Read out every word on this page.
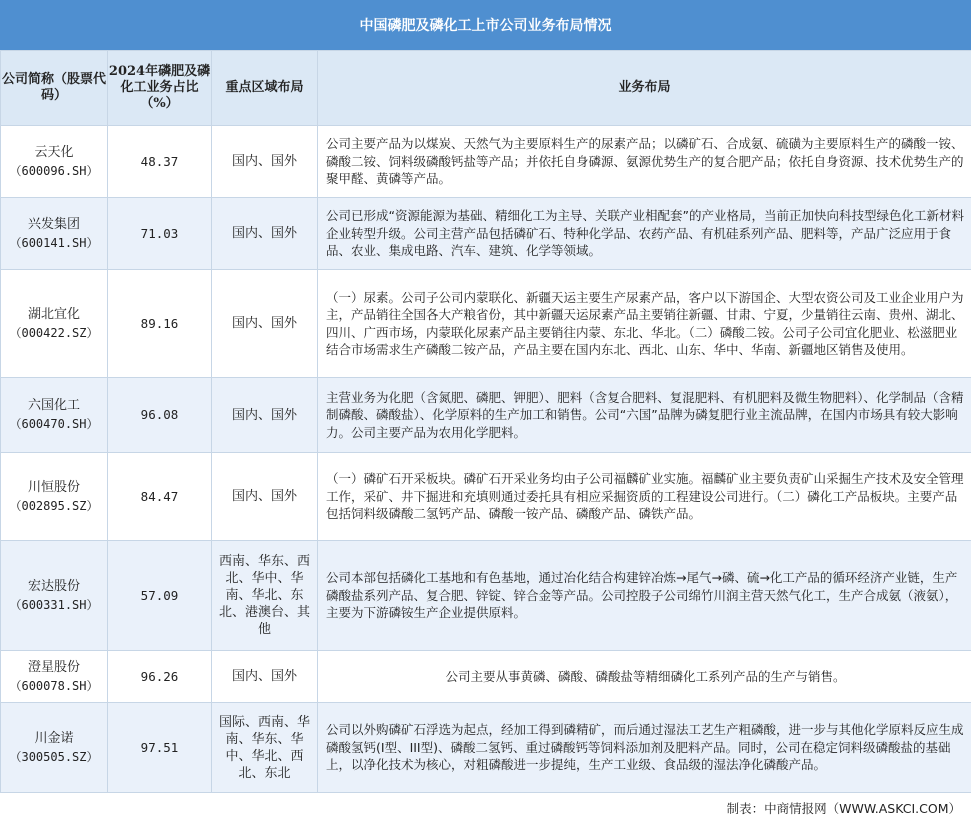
中国磷肥及磷化工上市公司业务布局情况
公司简称（股票代码）	2024年磷肥及磷化工业务占比（%）	重点区域布局	业务布局

云天化
（600096.SH）	48.37	国内、国外	公司主要产品为以煤炭、天然气为主要原料生产的尿素产品；以磷矿石、合成氨、硫磺为主要原料生产的磷酸一铵、磷酸二铵、饲料级磷酸钙盐等产品；并依托自身磷源、氨源优势生产的复合肥产品；依托自身资源、技术优势生产的聚甲醛、黄磷等产品。

兴发集团
（600141.SH）	71.03	国内、国外	公司已形成“资源能源为基础、精细化工为主导、关联产业相配套”的产业格局，当前正加快向科技型绿色化工新材料企业转型升级。公司主营产品包括磷矿石、特种化学品、农药产品、有机硅系列产品、肥料等，产品广泛应用于食品、农业、集成电路、汽车、建筑、化学等领域。

湖北宜化
（000422.SZ）	89.16	国内、国外	（一）尿素。公司子公司内蒙联化、新疆天运主要生产尿素产品，客户以下游国企、大型农资公司及工业企业用户为主，产品销往全国各大产粮省份，其中新疆天运尿素产品主要销往新疆、甘肃、宁夏，少量销往云南、贵州、湖北、四川、广西市场，内蒙联化尿素产品主要销往内蒙、东北、华北。（二）磷酸二铵。公司子公司宜化肥业、松滋肥业结合市场需求生产磷酸二铵产品，产品主要在国内东北、西北、山东、华中、华南、新疆地区销售及使用。

六国化工
（600470.SH）	96.08	国内、国外	主营业务为化肥（含氮肥、磷肥、钾肥）、肥料（含复合肥料、复混肥料、有机肥料及微生物肥料）、化学制品（含精制磷酸、磷酸盐）、化学原料的生产加工和销售。公司“六国”品牌为磷复肥行业主流品牌，在国内市场具有较大影响力。公司主要产品为农用化学肥料。

川恒股份
（002895.SZ）	84.47	国内、国外	（一）磷矿石开采板块。磷矿石开采业务均由子公司福麟矿业实施。福麟矿业主要负责矿山采掘生产技术及安全管理工作，采矿、井下掘进和充填则通过委托具有相应采掘资质的工程建设公司进行。（二）磷化工产品板块。主要产品包括饲料级磷酸二氢钙产品、磷酸一铵产品、磷酸产品、磷铁产品。

宏达股份
（600331.SH）	57.09	西南、华东、西北、华中、华南、华北、东北、港澳台、其他	公司本部包括磷化工基地和有色基地，通过冶化结合构建锌冶炼→尾气→磷、硫→化工产品的循环经济产业链，生产磷酸盐系列产品、复合肥、锌锭、锌合金等产品。公司控股子公司绵竹川润主营天然气化工，生产合成氨（液氨），主要为下游磷铵生产企业提供原料。

澄星股份
（600078.SH）	96.26	国内、国外	公司主要从事黄磷、磷酸、磷酸盐等精细磷化工系列产品的生产与销售。

川金诺
（300505.SZ）	97.51	国际、西南、华南、华东、华中、华北、西北、东北	公司以外购磷矿石浮选为起点，经加工得到磷精矿，而后通过湿法工艺生产粗磷酸，进一步与其他化学原料反应生成磷酸氢钙(I型、III型)、磷酸二氢钙、重过磷酸钙等饲料添加剂及肥料产品。同时，公司在稳定饲料级磷酸盐的基础上，以净化技术为核心，对粗磷酸进一步提纯，生产工业级、食品级的湿法净化磷酸产品。
制表：中商情报网（WWW.ASKCI.COM）
